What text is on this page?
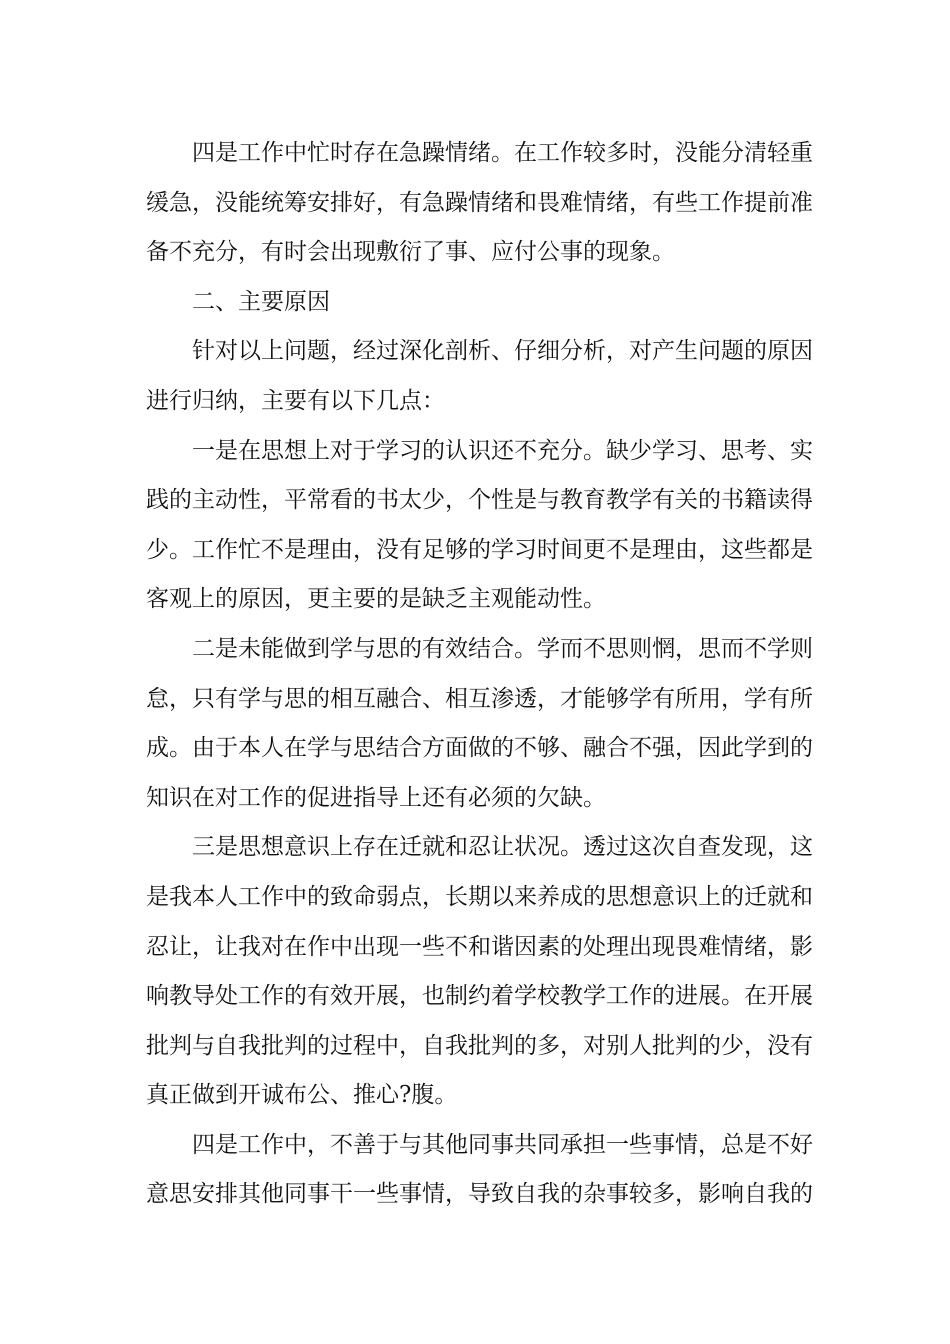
四是工作中忙时存在急躁情绪。在工作较多时，没能分清轻重
缓急，没能统筹安排好，有急躁情绪和畏难情绪，有些工作提前准
备不充分，有时会出现敷衍了事、应付公事的现象。
二、主要原因
针对以上问题，经过深化剖析、仔细分析，对产生问题的原因
进行归纳，主要有以下几点：
一是在思想上对于学习的认识还不充分。缺少学习、思考、实
践的主动性，平常看的书太少，个性是与教育教学有关的书籍读得
少。工作忙不是理由，没有足够的学习时间更不是理由，这些都是
客观上的原因，更主要的是缺乏主观能动性。
二是未能做到学与思的有效结合。学而不思则惘，思而不学则
怠，只有学与思的相互融合、相互渗透，才能够学有所用，学有所
成。由于本人在学与思结合方面做的不够、融合不强，因此学到的
知识在对工作的促进指导上还有必须的欠缺。
三是思想意识上存在迁就和忍让状况。透过这次自查发现，这
是我本人工作中的致命弱点，长期以来养成的思想意识上的迁就和
忍让，让我对在作中出现一些不和谐因素的处理出现畏难情绪，影
响教导处工作的有效开展，也制约着学校教学工作的进展。在开展
批判与自我批判的过程中，自我批判的多，对别人批判的少，没有
真正做到开诚布公、推心?腹。
四是工作中，不善于与其他同事共同承担一些事情，总是不好
意思安排其他同事干一些事情，导致自我的杂事较多，影响自我的
